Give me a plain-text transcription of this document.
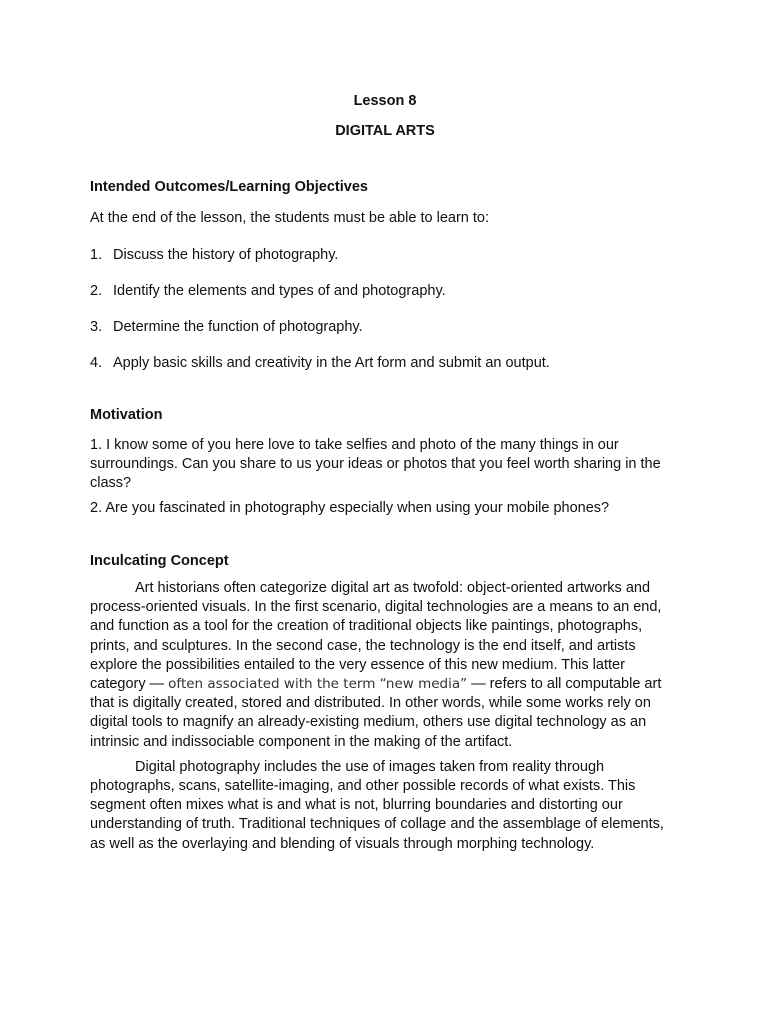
Lesson 8

DIGITAL ARTS

Intended Outcomes/Learning Objectives

At the end of the lesson, the students must be able to learn to:

1. Discuss the history of photography.
2. Identify the elements and types of and photography.
3. Determine the function of photography.
4. Apply basic skills and creativity in the Art form and submit an output.

Motivation

1. I know some of you here love to take selfies and photo of the many things in our surroundings. Can you share to us your ideas or photos that you feel worth sharing in the class?

2. Are you fascinated in photography especially when using your mobile phones?

Inculcating Concept

Art historians often categorize digital art as twofold: object-oriented artworks and process-oriented visuals. In the first scenario, digital technologies are a means to an end, and function as a tool for the creation of traditional objects like paintings, photographs, prints, and sculptures. In the second case, the technology is the end itself, and artists explore the possibilities entailed to the very essence of this new medium. This latter category — often associated with the term “new media” — refers to all computable art that is digitally created, stored and distributed. In other words, while some works rely on digital tools to magnify an already-existing medium, others use digital technology as an intrinsic and indissociable component in the making of the artifact.

Digital photography includes the use of images taken from reality through photographs, scans, satellite-imaging, and other possible records of what exists. This segment often mixes what is and what is not, blurring boundaries and distorting our understanding of truth. Traditional techniques of collage and the assemblage of elements, as well as the overlaying and blending of visuals through morphing technology.
